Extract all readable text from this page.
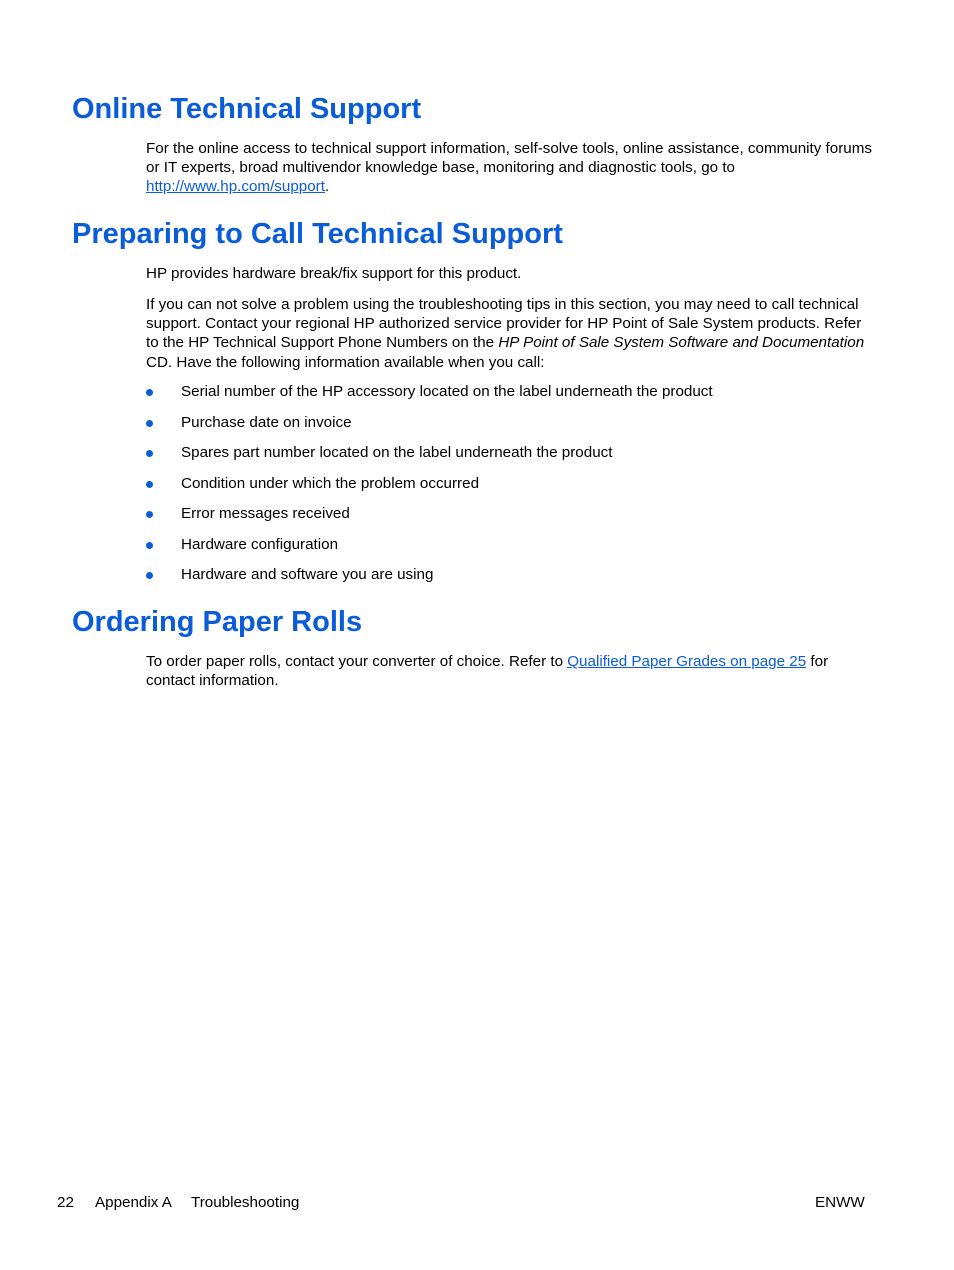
Online Technical Support

For the online access to technical support information, self-solve tools, online assistance, community forums or IT experts, broad multivendor knowledge base, monitoring and diagnostic tools, go to http://www.hp.com/support.

Preparing to Call Technical Support

HP provides hardware break/fix support for this product.

If you can not solve a problem using the troubleshooting tips in this section, you may need to call technical support. Contact your regional HP authorized service provider for HP Point of Sale System products. Refer to the HP Technical Support Phone Numbers on the HP Point of Sale System Software and Documentation CD. Have the following information available when you call:

Serial number of the HP accessory located on the label underneath the product
Purchase date on invoice
Spares part number located on the label underneath the product
Condition under which the problem occurred
Error messages received
Hardware configuration
Hardware and software you are using
Ordering Paper Rolls

To order paper rolls, contact your converter of choice. Refer to Qualified Paper Grades on page 25 for contact information.

22 Appendix A Troubleshooting	ENWW
